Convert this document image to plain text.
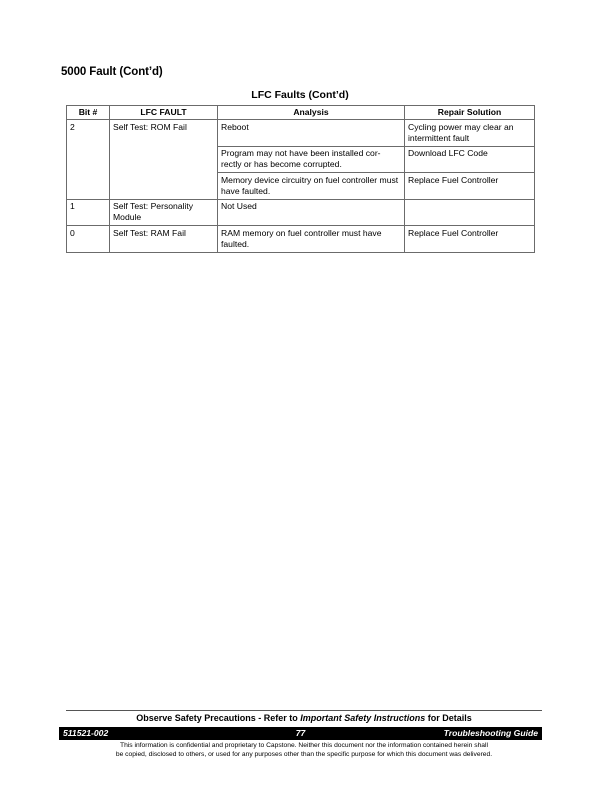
5000 Fault (Cont’d)
LFC Faults (Cont’d)
Bit #	LFC FAULT	Analysis	Repair Solution
2	Self Test: ROM Fail	Reboot	Cycling power may clear an intermittent fault
		Program may not have been installed cor-rectly or has become corrupted.	Download LFC Code
		Memory device circuitry on fuel controller must have faulted.	Replace Fuel Controller
1	Self Test: Personality Module	Not Used	
0	Self Test: RAM Fail	RAM memory on fuel controller must have faulted.	Replace Fuel Controller
Observe Safety Precautions - Refer to Important Safety Instructions for Details
77
511521-002	Troubleshooting Guide
This information is confidential and proprietary to Capstone. Neither this document nor the information contained herein shall
be copied, disclosed to others, or used for any purposes other than the specific purpose for which this document was delivered.
